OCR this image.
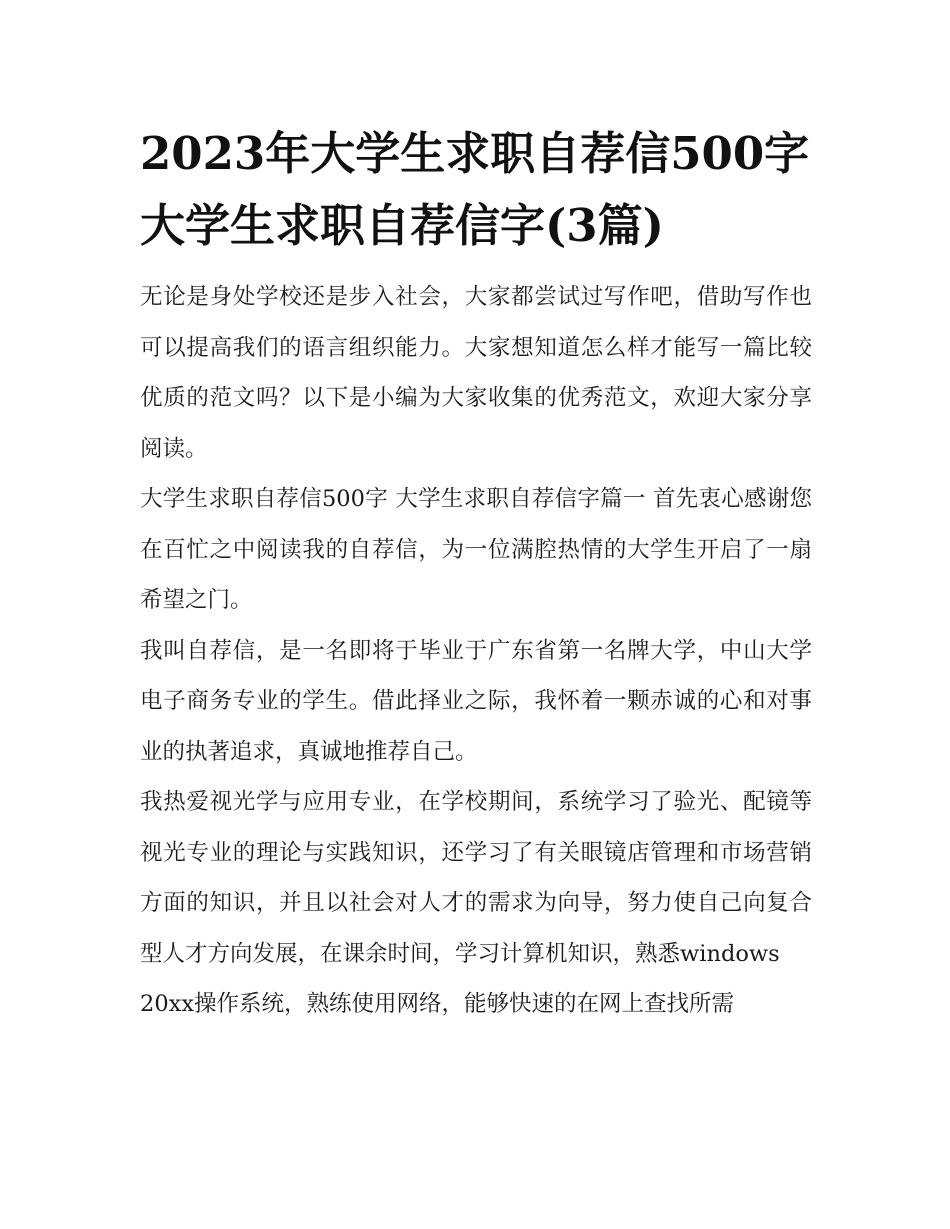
2023年大学生求职自荐信500字 大学生求职自荐信字(3篇)

无论是身处学校还是步入社会，大家都尝试过写作吧，借助写作也可以提高我们的语言组织能力。大家想知道怎么样才能写一篇比较优质的范文吗？以下是小编为大家收集的优秀范文，欢迎大家分享阅读。

大学生求职自荐信500字 大学生求职自荐信字篇一 首先衷心感谢您在百忙之中阅读我的自荐信，为一位满腔热情的大学生开启了一扇希望之门。

我叫自荐信，是一名即将于毕业于广东省第一名牌大学，中山大学电子商务专业的学生。借此择业之际，我怀着一颗赤诚的心和对事业的执著追求，真诚地推荐自己。

我热爱视光学与应用专业，在学校期间，系统学习了验光、配镜等视光专业的理论与实践知识，还学习了有关眼镜店管理和市场营销方面的知识，并且以社会对人才的需求为向导，努力使自己向复合型人才方向发展，在课余时间，学习计算机知识，熟悉windows

20xx操作系统，熟练使用网络，能够快速的在网上查找所需
